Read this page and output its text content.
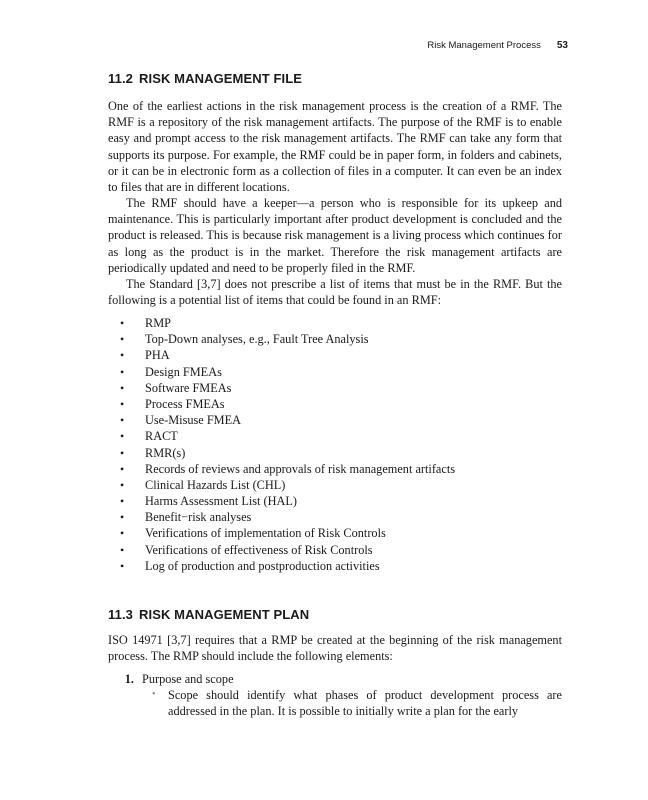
Risk Management Process 53
11.2 RISK MANAGEMENT FILE

One of the earliest actions in the risk management process is the creation of a RMF. The RMF is a repository of the risk management artifacts. The purpose of the RMF is to enable easy and prompt access to the risk management artifacts. The RMF can take any form that supports its purpose. For example, the RMF could be in paper form, in folders and cabinets, or it can be in electronic form as a collection of files in a computer. It can even be an index to files that are in different locations.

The RMF should have a keeper—a person who is responsible for its upkeep and maintenance. This is particularly important after product development is concluded and the product is released. This is because risk management is a living process which continues for as long as the product is in the market. Therefore the risk management artifacts are periodically updated and need to be properly filed in the RMF.

The Standard [3,7] does not prescribe a list of items that must be in the RMF. But the following is a potential list of items that could be found in an RMF:

• RMP
• Top-Down analyses, e.g., Fault Tree Analysis
• PHA
• Design FMEAs
• Software FMEAs
• Process FMEAs
• Use-Misuse FMEA
• RACT
• RMR(s)
• Records of reviews and approvals of risk management artifacts
• Clinical Hazards List (CHL)
• Harms Assessment List (HAL)
• Benefit−risk analyses
• Verifications of implementation of Risk Controls
• Verifications of effectiveness of Risk Controls
• Log of production and postproduction activities
11.3 RISK MANAGEMENT PLAN

ISO 14971 [3,7] requires that a RMP be created at the beginning of the risk management process. The RMP should include the following elements:

1. Purpose and scope
• Scope should identify what phases of product development process are addressed in the plan. It is possible to initially write a plan for the early
